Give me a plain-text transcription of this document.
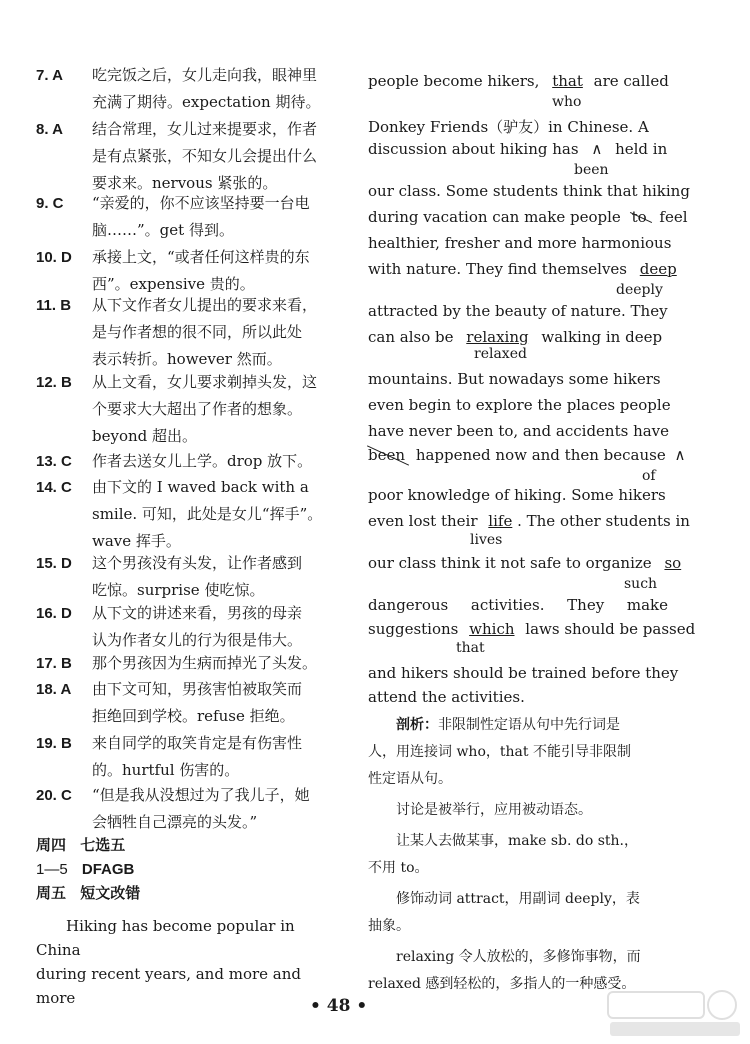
7. A 吃完饭之后，女儿走向我，眼神里
充满了期待。expectation 期待。
8. A 结合常理，女儿过来提要求，作者
是有点紧张，不知女儿会提出什么
要求来。nervous 紧张的。
9. C “亲爱的，你不应该坚持要一台电
脑……”。get 得到。
10. D 承接上文，“或者任何这样贵的东
西”。expensive 贵的。
11. B 从下文作者女儿提出的要求来看，
是与作者想的很不同，所以此处
表示转折。however 然而。
12. B 从上文看，女儿要求剃掉头发，这
个要求大大超出了作者的想象。
beyond 超出。
13. C 作者去送女儿上学。drop 放下。
14. C 由下文的 I waved back with a
smile. 可知，此处是女儿“挥手”。
wave 挥手。
15. D 这个男孩没有头发，让作者感到
吃惊。surprise 使吃惊。
16. D 从下文的讲述来看，男孩的母亲
认为作者女儿的行为很是伟大。
17. B 那个男孩因为生病而掉光了头发。
18. A 由下文可知，男孩害怕被取笑而
拒绝回到学校。refuse 拒绝。
19. B 来自同学的取笑肯定是有伤害性
的。hurtful 伤害的。
20. C “但是我从没想过为了我儿子，她
会牺牲自己漂亮的头发。”
周四 七选五
1—5 DFAGB
周五 短文改错
Hiking has become popular in China
during recent years, and more and more
people become hikers, that are called
who
Donkey Friends（驴友）in Chinese. A
discussion about hiking has ∧ held in
been
our class. Some students think that hiking
during vacation can make people to feel
healthier, fresher and more harmonious
with nature. They find themselves deep
deeply
attracted by the beauty of nature. They
can also be relaxing walking in deep
relaxed
mountains. But nowadays some hikers
even begin to explore the places people
have never been to, and accidents have
been happened now and then because ∧
of
poor knowledge of hiking. Some hikers
even lost their life . The other students in
lives
our class think it not safe to organize so
such
dangerous activities. They make
suggestions which laws should be passed
that
and hikers should be trained before they
attend the activities.
剖析：非限制性定语从句中先行词是
人，用连接词 who，that 不能引导非限制
性定语从句。
讨论是被举行，应用被动语态。
让某人去做某事，make sb. do sth.，
不用 to。
修饰动词 attract，用副词 deeply，表
抽象。
relaxing 令人放松的，多修饰事物，而
relaxed 感到轻松的，多指人的一种感受。
• 48 •
